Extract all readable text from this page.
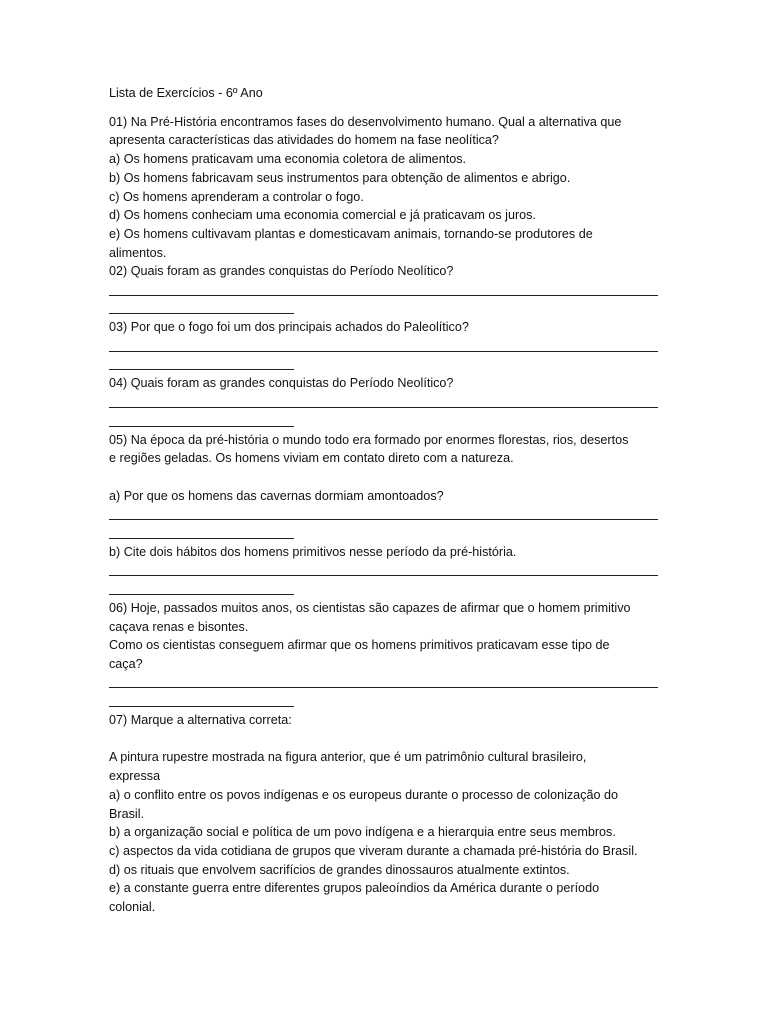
Lista de Exercícios - 6º Ano
01) Na Pré-História encontramos fases do desenvolvimento humano. Qual a alternativa que
apresenta características das atividades do homem na fase neolítica?
a) Os homens praticavam uma economia coletora de alimentos.
b) Os homens fabricavam seus instrumentos para obtenção de alimentos e abrigo.
c) Os homens aprenderam a controlar o fogo.
d) Os homens conheciam uma economia comercial e já praticavam os juros.
e) Os homens cultivavam plantas e domesticavam animais, tornando-se produtores de
alimentos.
02) Quais foram as grandes conquistas do Período Neolítico?
03) Por que o fogo foi um dos principais achados do Paleolítico?
04) Quais foram as grandes conquistas do Período Neolítico?
05) Na época da pré-história o mundo todo era formado por enormes florestas, rios, desertos
e regiões geladas. Os homens viviam em contato direto com a natureza.
a) Por que os homens das cavernas dormiam amontoados?
b) Cite dois hábitos dos homens primitivos nesse período da pré-história.
06) Hoje, passados muitos anos, os cientistas são capazes de afirmar que o homem primitivo
caçava renas e bisontes.
Como os cientistas conseguem afirmar que os homens primitivos praticavam esse tipo de
caça?
07) Marque a alternativa correta:
A pintura rupestre mostrada na figura anterior, que é um patrimônio cultural brasileiro,
expressa
a) o conflito entre os povos indígenas e os europeus durante o processo de colonização do
Brasil.
b) a organização social e política de um povo indígena e a hierarquia entre seus membros.
c) aspectos da vida cotidiana de grupos que viveram durante a chamada pré-história do Brasil.
d) os rituais que envolvem sacrifícios de grandes dinossauros atualmente extintos.
e) a constante guerra entre diferentes grupos paleoíndios da América durante o período
colonial.
